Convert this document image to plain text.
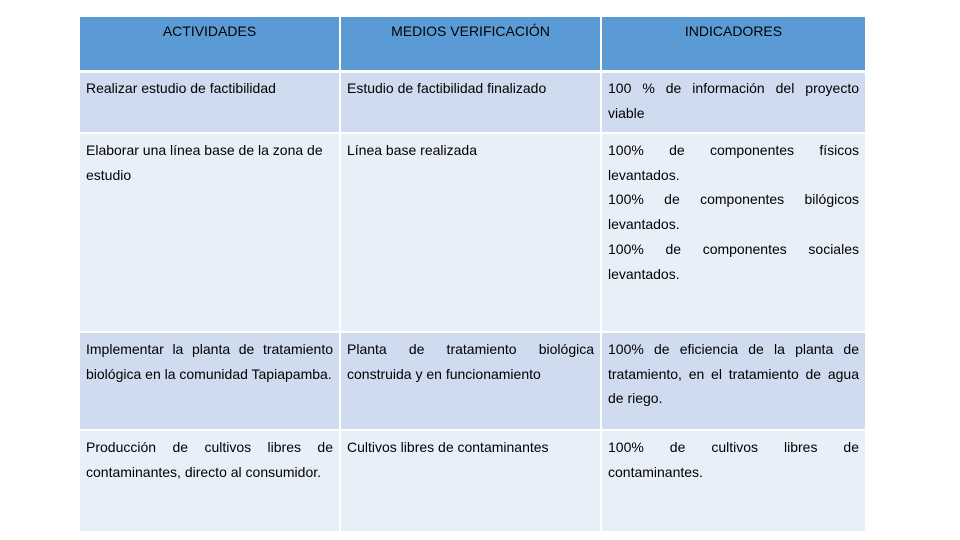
ACTIVIDADES	MEDIOS VERIFICACIÓN	INDICADORES
Realizar estudio de factibilidad	Estudio de factibilidad finalizado	100 % de información del proyecto viable
Elaborar una línea base de la zona de estudio	Línea base realizada	100% de componentes físicos levantados.
100% de componentes bilógicos levantados.
100% de componentes sociales levantados.

Implementar la planta de tratamiento biológica en la comunidad Tapiapamba.	Planta de tratamiento biológica construida y en funcionamiento	100% de eficiencia de la planta de tratamiento, en el tratamiento de agua de riego.
Producción de cultivos libres de contaminantes, directo al consumidor.	Cultivos libres de contaminantes	100% de cultivos libres de contaminantes.
